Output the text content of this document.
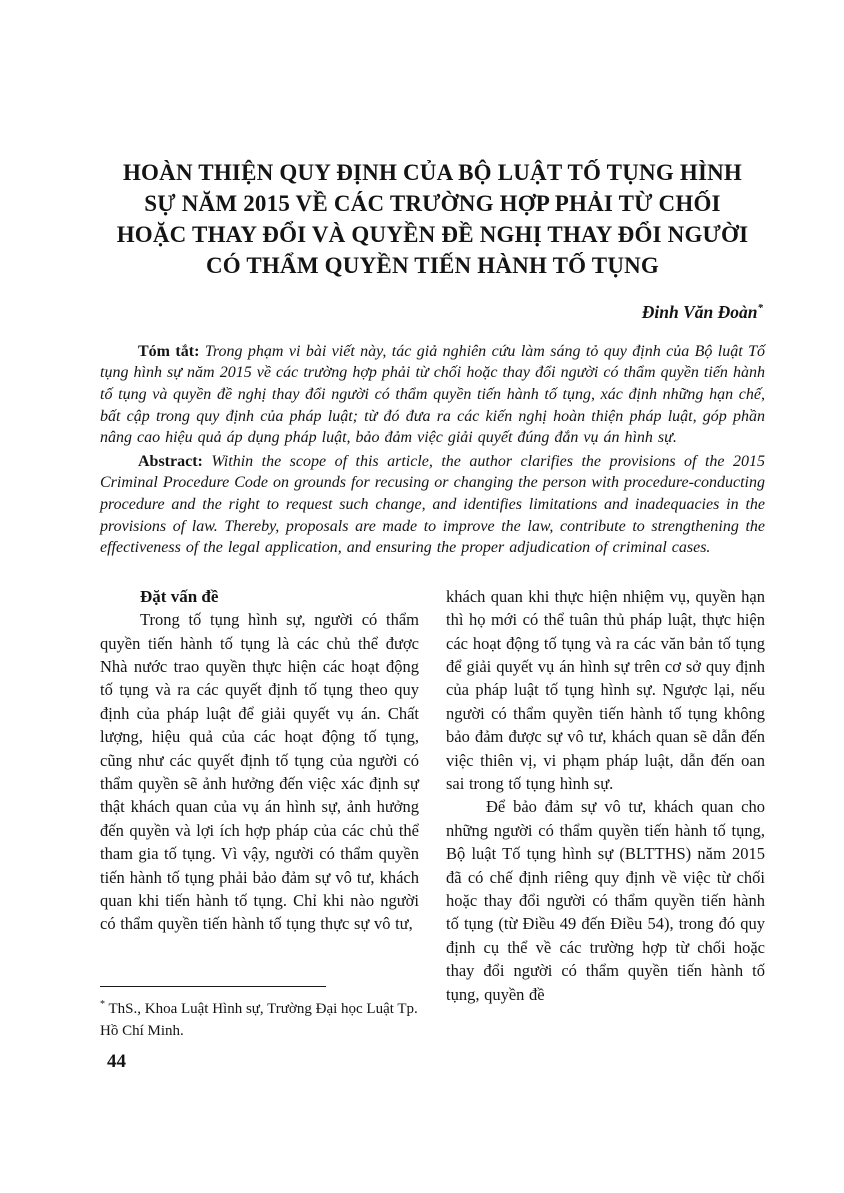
HOÀN THIỆN QUY ĐỊNH CỦA BỘ LUẬT TỐ TỤNG HÌNH
SỰ NĂM 2015 VỀ CÁC TRƯỜNG HỢP PHẢI TỪ CHỐI
HOẶC THAY ĐỔI VÀ QUYỀN ĐỀ NGHỊ THAY ĐỔI NGƯỜI
CÓ THẨM QUYỀN TIẾN HÀNH TỐ TỤNG
Đinh Văn Đoàn*

Tóm tắt: Trong phạm vi bài viết này, tác giả nghiên cứu làm sáng tỏ quy định của Bộ luật Tố tụng hình sự năm 2015 về các trường hợp phải từ chối hoặc thay đổi người có thẩm quyền tiến hành tố tụng và quyền đề nghị thay đổi người có thẩm quyền tiến hành tố tụng, xác định những hạn chế, bất cập trong quy định của pháp luật; từ đó đưa ra các kiến nghị hoàn thiện pháp luật, góp phần nâng cao hiệu quả áp dụng pháp luật, bảo đảm việc giải quyết đúng đắn vụ án hình sự.

Abstract: Within the scope of this article, the author clarifies the provisions of the 2015 Criminal Procedure Code on grounds for recusing or changing the person with procedure-conducting procedure and the right to request such change, and identifies limitations and inadequacies in the provisions of law. Thereby, proposals are made to improve the law, contribute to strengthening the effectiveness of the legal application, and ensuring the proper adjudication of criminal cases.

Đặt vấn đề

Trong tố tụng hình sự, người có thẩm quyền tiến hành tố tụng là các chủ thể được Nhà nước trao quyền thực hiện các hoạt động tố tụng và ra các quyết định tố tụng theo quy định của pháp luật để giải quyết vụ án. Chất lượng, hiệu quả của các hoạt động tố tụng, cũng như các quyết định tố tụng của người có thẩm quyền sẽ ảnh hưởng đến việc xác định sự thật khách quan của vụ án hình sự, ảnh hưởng đến quyền và lợi ích hợp pháp của các chủ thể tham gia tố tụng. Vì vậy, người có thẩm quyền tiến hành tố tụng phải bảo đảm sự vô tư, khách quan khi tiến hành tố tụng. Chỉ khi nào người có thẩm quyền tiến hành tố tụng thực sự vô tư,

khách quan khi thực hiện nhiệm vụ, quyền hạn thì họ mới có thể tuân thủ pháp luật, thực hiện các hoạt động tố tụng và ra các văn bản tố tụng để giải quyết vụ án hình sự trên cơ sở quy định của pháp luật tố tụng hình sự. Ngược lại, nếu người có thẩm quyền tiến hành tố tụng không bảo đảm được sự vô tư, khách quan sẽ dẫn đến việc thiên vị, vi phạm pháp luật, dẫn đến oan sai trong tố tụng hình sự.

Để bảo đảm sự vô tư, khách quan cho những người có thẩm quyền tiến hành tố tụng, Bộ luật Tố tụng hình sự (BLTTHS) năm 2015 đã có chế định riêng quy định về việc từ chối hoặc thay đổi người có thẩm quyền tiến hành tố tụng (từ Điều 49 đến Điều 54), trong đó quy định cụ thể về các trường hợp từ chối hoặc thay đổi người có thẩm quyền tiến hành tố tụng, quyền đề

* ThS., Khoa Luật Hình sự, Trường Đại học Luật Tp. Hồ Chí Minh.
44
